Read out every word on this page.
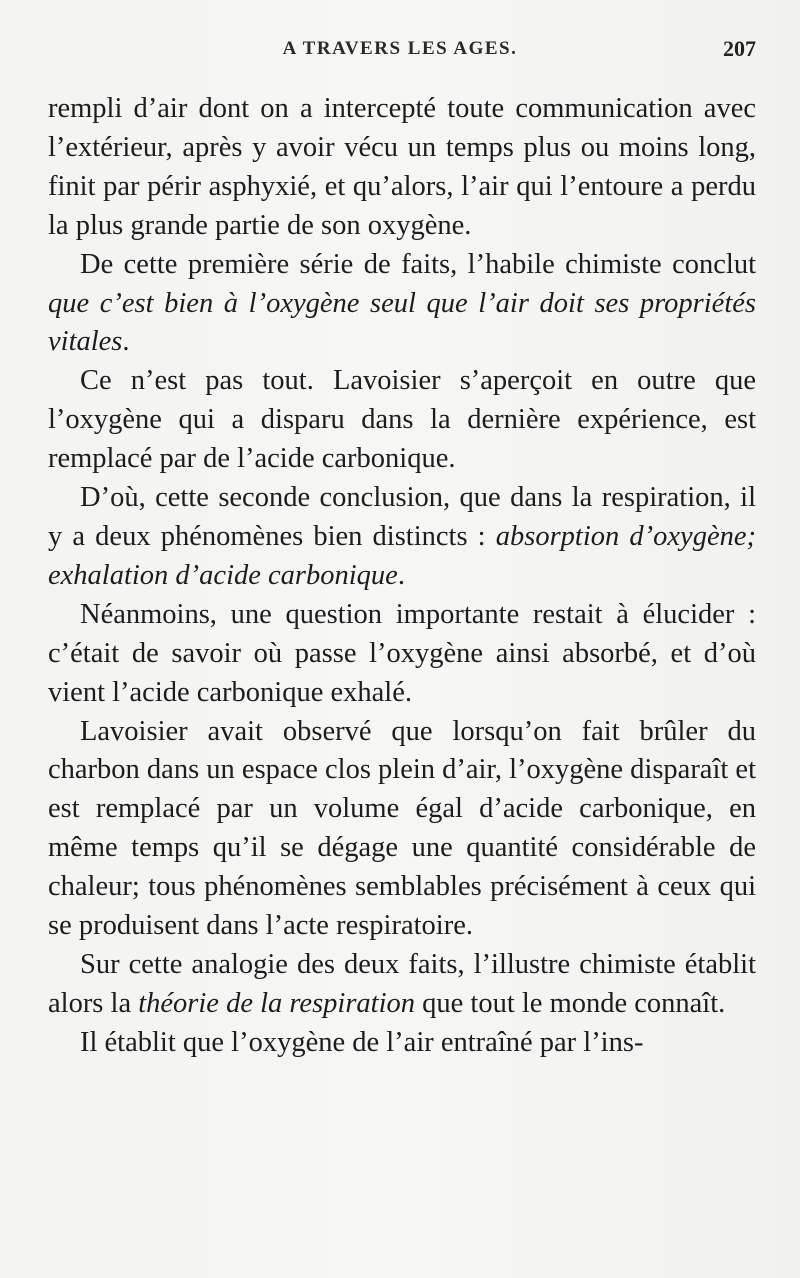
A TRAVERS LES AGES.	207

rempli d’air dont on a intercepté toute communication avec l’extérieur, après y avoir vécu un temps plus ou moins long, finit par périr asphyxié, et qu’alors, l’air qui l’entoure a perdu la plus grande partie de son oxygène.

De cette première série de faits, l’habile chimiste conclut que c’est bien à l’oxygène seul que l’air doit ses propriétés vitales.

Ce n’est pas tout. Lavoisier s’aperçoit en outre que l’oxygène qui a disparu dans la dernière expérience, est remplacé par de l’acide carbonique.

D’où, cette seconde conclusion, que dans la respiration, il y a deux phénomènes bien distincts : absorption d’oxygène; exhalation d’acide carbonique.

Néanmoins, une question importante restait à élucider : c’était de savoir où passe l’oxygène ainsi absorbé, et d’où vient l’acide carbonique exhalé.

Lavoisier avait observé que lorsqu’on fait brûler du charbon dans un espace clos plein d’air, l’oxygène disparaît et est remplacé par un volume égal d’acide carbonique, en même temps qu’il se dégage une quantité considérable de chaleur; tous phénomènes semblables précisément à ceux qui se produisent dans l’acte respiratoire.

Sur cette analogie des deux faits, l’illustre chimiste établit alors la théorie de la respiration que tout le monde connaît.

Il établit que l’oxygène de l’air entraîné par l’ins-
